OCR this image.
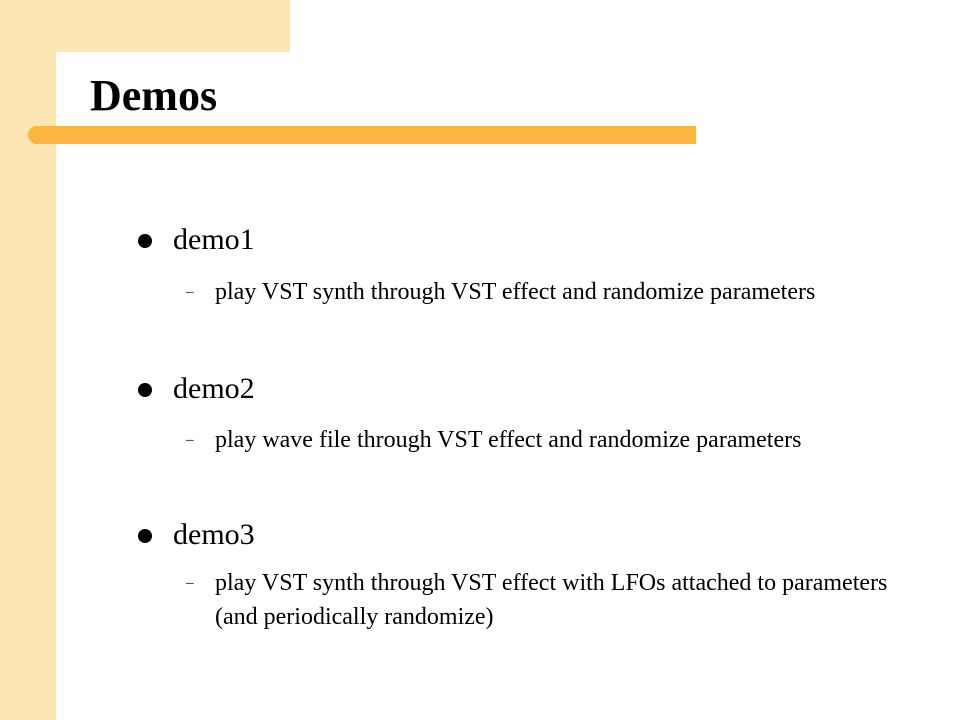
Demos
demo1
– play VST synth through VST effect and randomize parameters
demo2
– play wave file through VST effect and randomize parameters
demo3
– play VST synth through VST effect with LFOs attached to parameters (and periodically randomize)
